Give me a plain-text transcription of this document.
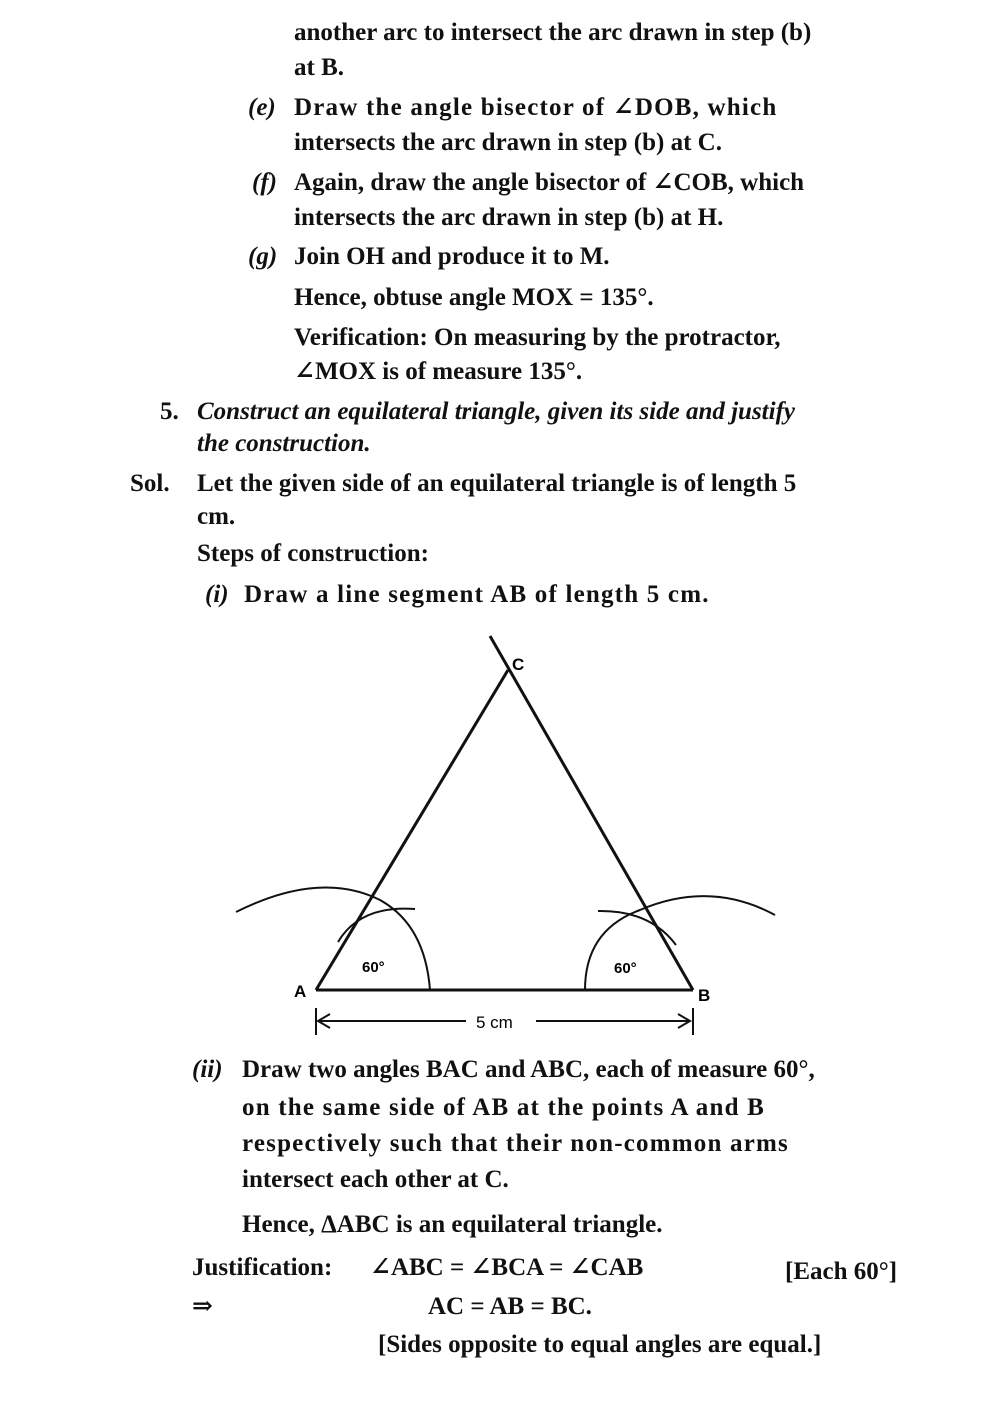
another arc to intersect the arc drawn in step (b)
at B.
(e) Draw the angle bisector of ∠DOB, which
intersects the arc drawn in step (b) at C.
(f) Again, draw the angle bisector of ∠COB, which
intersects the arc drawn in step (b) at H.
(g) Join OH and produce it to M.
Hence, obtuse angle MOX = 135°.
Verification: On measuring by the protractor,
∠MOX is of measure 135°.
5. Construct an equilateral triangle, given its side and justify
the construction.
Sol. Let the given side of an equilateral triangle is of length 5
cm.
Steps of construction:
(i) Draw a line segment AB of length 5 cm.
C
A	B
60°	60°
5 cm
(ii) Draw two angles BAC and ABC, each of measure 60°,
on the same side of AB at the points A and B
respectively such that their non-common arms
intersect each other at C.
Hence, ΔABC is an equilateral triangle.
Justification: ∠ABC = ∠BCA = ∠CAB	[Each 60°]
⇒	AC = AB = BC.
[Sides opposite to equal angles are equal.]
